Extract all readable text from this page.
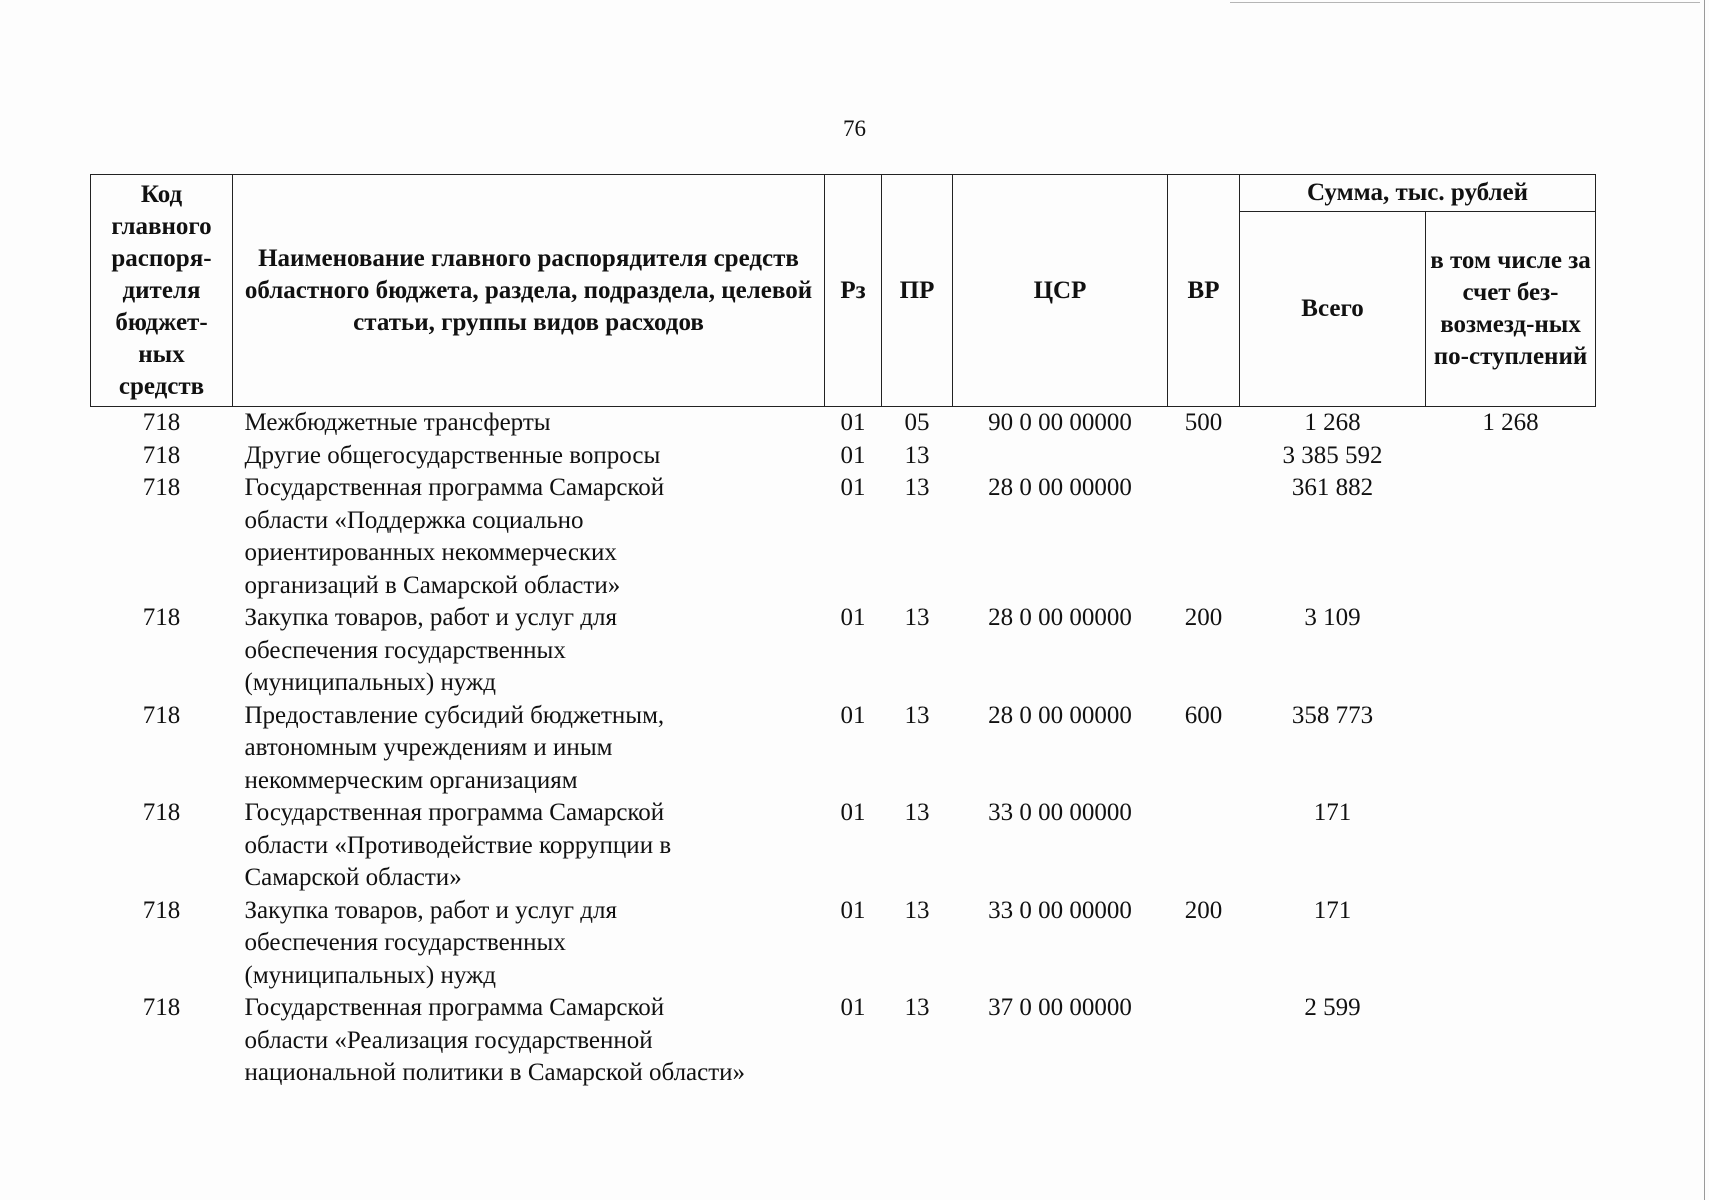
76
Код главного распоря-дителя бюджет-ных средств	Наименование главного распорядителя средств областного бюджета, раздела, подраздела, целевой статьи, группы видов расходов	Рз	ПР	ЦСР	ВР	Сумма, тыс. рублей	
						Всего	в том числе за счет без-возмезд-ных по-ступлений
718	Межбюджетные трансферты	01	05	90 0 00 00000	500	1 268	1 268
718	Другие общегосударственные вопросы	01	13			3 385 592	
718	Государственная программа Самарской
области «Поддержка социально
ориентированных некоммерческих
организаций в Самарской области»	01	13	28 0 00 00000		361 882	
718	Закупка товаров, работ и услуг для
обеспечения государственных
(муниципальных) нужд	01	13	28 0 00 00000	200	3 109	
718	Предоставление субсидий бюджетным,
автономным учреждениям и иным
некоммерческим организациям	01	13	28 0 00 00000	600	358 773	
718	Государственная программа Самарской
области «Противодействие коррупции в
Самарской области»	01	13	33 0 00 00000		171	
718	Закупка товаров, работ и услуг для
обеспечения государственных
(муниципальных) нужд	01	13	33 0 00 00000	200	171	
718	Государственная программа Самарской
области «Реализация государственной
национальной политики в Самарской области»	01	13	37 0 00 00000		2 599	
